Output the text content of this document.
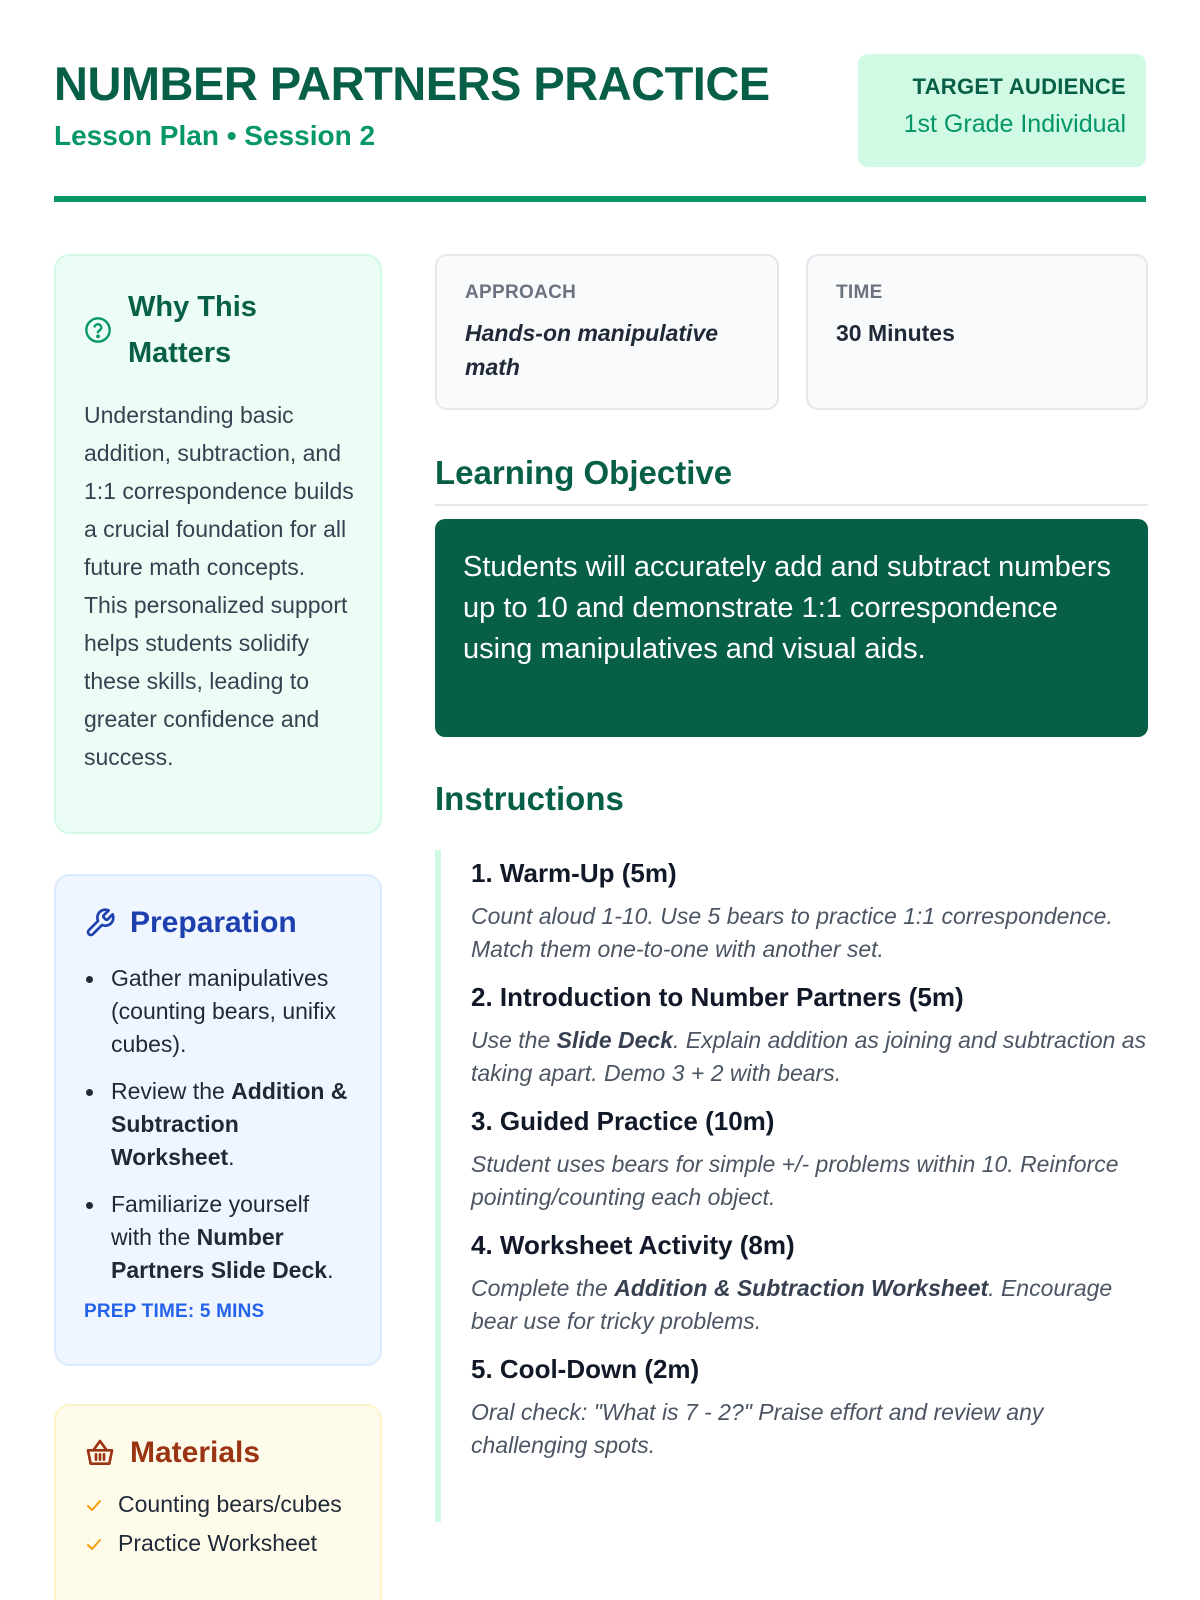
NUMBER PARTNERS PRACTICE
Lesson Plan • Session 2
TARGET AUDIENCE
1st Grade Individual
Why This Matters
Understanding basic addition, subtraction, and 1:1 correspondence builds a crucial foundation for all future math concepts. This personalized support helps students solidify these skills, leading to greater confidence and success.
Preparation
Gather manipulatives (counting bears, unifix cubes).
Review the Addition & Subtraction Worksheet.
Familiarize yourself with the Number Partners Slide Deck.
PREP TIME: 5 MINS
Materials
Counting bears/cubes
Practice Worksheet
APPROACH
Hands-on manipulative math
TIME
30 Minutes
Learning Objective
Students will accurately add and subtract numbers up to 10 and demonstrate 1:1 correspondence using manipulatives and visual aids.
Instructions
1. Warm-Up (5m)
Count aloud 1-10. Use 5 bears to practice 1:1 correspondence. Match them one-to-one with another set.
2. Introduction to Number Partners (5m)
Use the Slide Deck. Explain addition as joining and subtraction as taking apart. Demo 3 + 2 with bears.
3. Guided Practice (10m)
Student uses bears for simple +/- problems within 10. Reinforce pointing/counting each object.
4. Worksheet Activity (8m)
Complete the Addition & Subtraction Worksheet. Encourage bear use for tricky problems.
5. Cool-Down (2m)
Oral check: "What is 7 - 2?" Praise effort and review any challenging spots.
